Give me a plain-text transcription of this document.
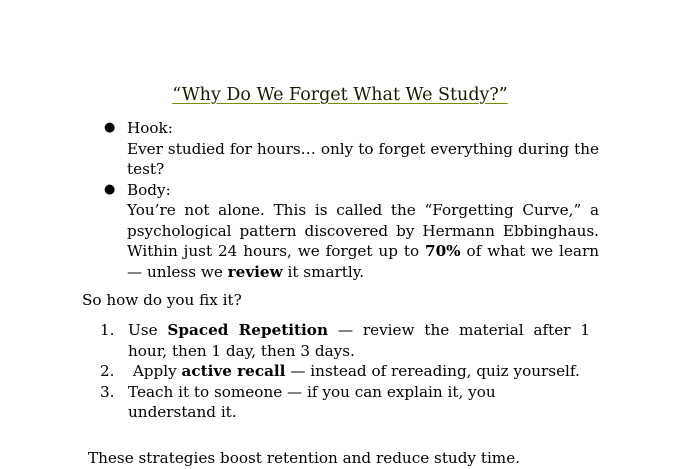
“Why Do We Forget What We Study?”
● Hook:
Ever studied for hours… only to forget everything during the test?
● Body:
You’re not alone. This is called the “Forgetting Curve,” a psychological pattern discovered by Hermann Ebbinghaus. Within just 24 hours, we forget up to 70% of what we learn — unless we review it smartly.
So how do you fix it?
1. Use Spaced Repetition — review the material after 1 hour, then 1 day, then 3 days.
2. Apply active recall — instead of rereading, quiz yourself.
3. Teach it to someone — if you can explain it, you understand it.
These strategies boost retention and reduce study time.
